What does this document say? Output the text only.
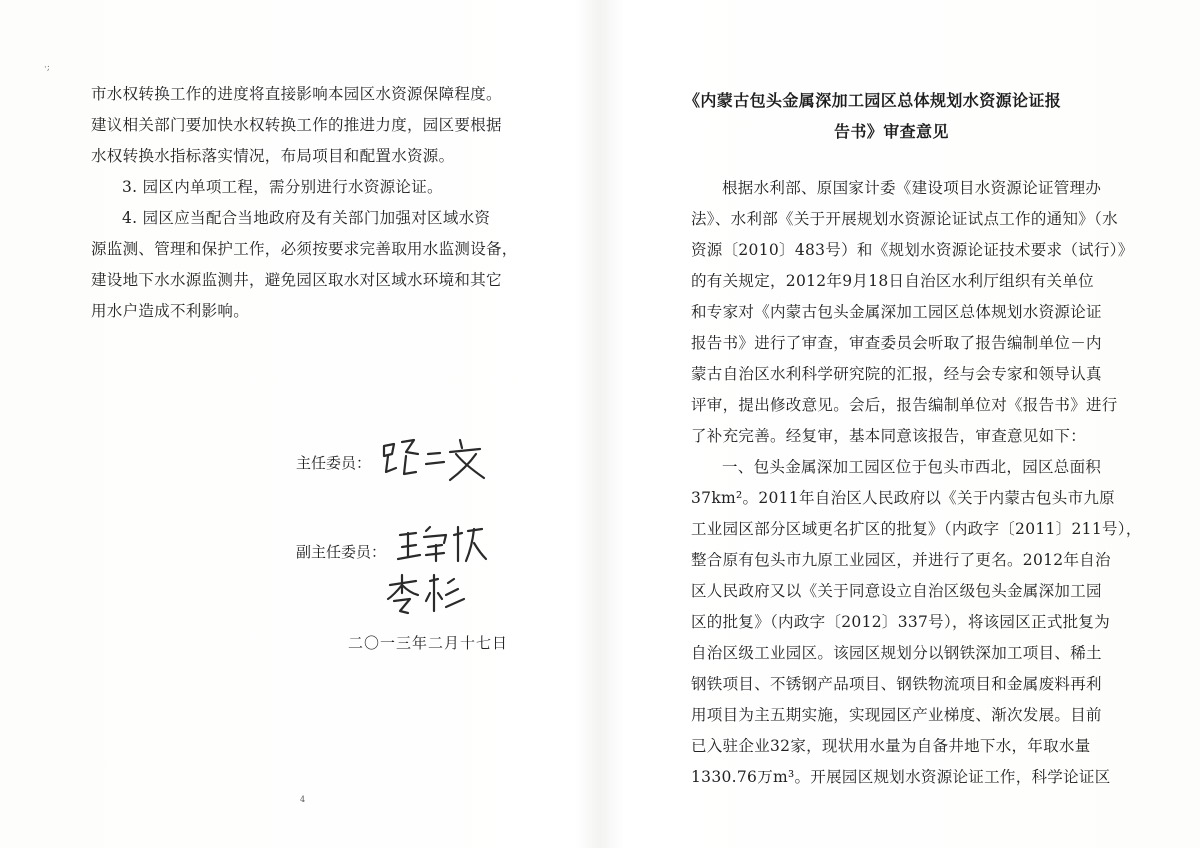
·;
市水权转换工作的进度将直接影响本园区水资源保障程度。
建议相关部门要加快水权转换工作的推进力度，园区要根据
水权转换水指标落实情况，布局项目和配置水资源。
3. 园区内单项工程，需分别进行水资源论证。
4. 园区应当配合当地政府及有关部门加强对区域水资
源监测、管理和保护工作，必须按要求完善取用水监测设备，
建设地下水水源监测井，避免园区取水对区域水环境和其它
用水户造成不利影响。
主任委员：
副主任委员：
二〇一三年二月十七日
4
《内蒙古包头金属深加工园区总体规划水资源论证报
告书》审查意见
根据水利部、原国家计委《建设项目水资源论证管理办
法》、水利部《关于开展规划水资源论证试点工作的通知》（水
资源〔2010〕483号）和《规划水资源论证技术要求（试行）》
的有关规定，2012年9月18日自治区水利厅组织有关单位
和专家对《内蒙古包头金属深加工园区总体规划水资源论证
报告书》进行了审查，审查委员会听取了报告编制单位－内
蒙古自治区水利科学研究院的汇报，经与会专家和领导认真
评审，提出修改意见。会后，报告编制单位对《报告书》进行
了补充完善。经复审，基本同意该报告，审查意见如下：
一、包头金属深加工园区位于包头市西北，园区总面积
37km²。2011年自治区人民政府以《关于内蒙古包头市九原
工业园区部分区域更名扩区的批复》（内政字〔2011〕211号），
整合原有包头市九原工业园区，并进行了更名。2012年自治
区人民政府又以《关于同意设立自治区级包头金属深加工园
区的批复》（内政字〔2012〕337号），将该园区正式批复为
自治区级工业园区。该园区规划分以钢铁深加工项目、稀土
钢铁项目、不锈钢产品项目、钢铁物流项目和金属废料再利
用项目为主五期实施，实现园区产业梯度、渐次发展。目前
已入驻企业32家，现状用水量为自备井地下水，年取水量
1330.76万m³。开展园区规划水资源论证工作，科学论证区
